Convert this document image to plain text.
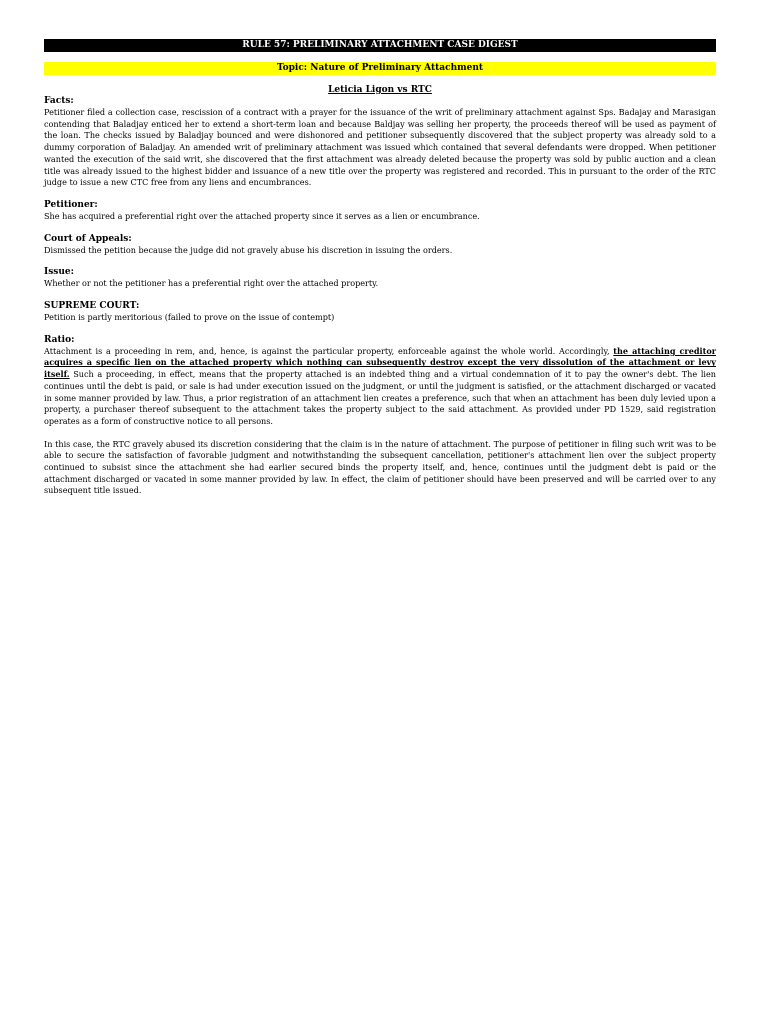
RULE 57: PRELIMINARY ATTACHMENT CASE DIGEST
Topic: Nature of Preliminary Attachment
Leticia Ligon vs RTC

Facts:

Petitioner filed a collection case, rescission of a contract with a prayer for the issuance of the writ of preliminary attachment against Sps. Badajay and Marasigan contending that Baladjay enticed her to extend a short-term loan and because Baldjay was selling her property, the proceeds thereof will be used as payment of the loan. The checks issued by Baladjay bounced and were dishonored and petitioner subsequently discovered that the subject property was already sold to a dummy corporation of Baladjay. An amended writ of preliminary attachment was issued which contained that several defendants were dropped. When petitioner wanted the execution of the said writ, she discovered that the first attachment was already deleted because the property was sold by public auction and a clean title was already issued to the highest bidder and issuance of a new title over the property was registered and recorded. This in pursuant to the order of the RTC judge to issue a new CTC free from any liens and encumbrances.

Petitioner:

She has acquired a preferential right over the attached property since it serves as a lien or encumbrance.

Court of Appeals:

Dismissed the petition because the judge did not gravely abuse his discretion in issuing the orders.

Issue:

Whether or not the petitioner has a preferential right over the attached property.

SUPREME COURT:

Petition is partly meritorious (failed to prove on the issue of contempt)

Ratio:

Attachment is a proceeding in rem, and, hence, is against the particular property, enforceable against the whole world. Accordingly, the attaching creditor acquires a specific lien on the attached property which nothing can subsequently destroy except the very dissolution of the attachment or levy itself. Such a proceeding, in effect, means that the property attached is an indebted thing and a virtual condemnation of it to pay the owner's debt. The lien continues until the debt is paid, or sale is had under execution issued on the judgment, or until the judgment is satisfied, or the attachment discharged or vacated in some manner provided by law. Thus, a prior registration of an attachment lien creates a preference, such that when an attachment has been duly levied upon a property, a purchaser thereof subsequent to the attachment takes the property subject to the said attachment. As provided under PD 1529, said registration operates as a form of constructive notice to all persons.

In this case, the RTC gravely abused its discretion considering that the claim is in the nature of attachment. The purpose of petitioner in filing such writ was to be able to secure the satisfaction of favorable judgment and notwithstanding the subsequent cancellation, petitioner's attachment lien over the subject property continued to subsist since the attachment she had earlier secured binds the property itself, and, hence, continues until the judgment debt is paid or the attachment discharged or vacated in some manner provided by law. In effect, the claim of petitioner should have been preserved and will be carried over to any subsequent title issued.
